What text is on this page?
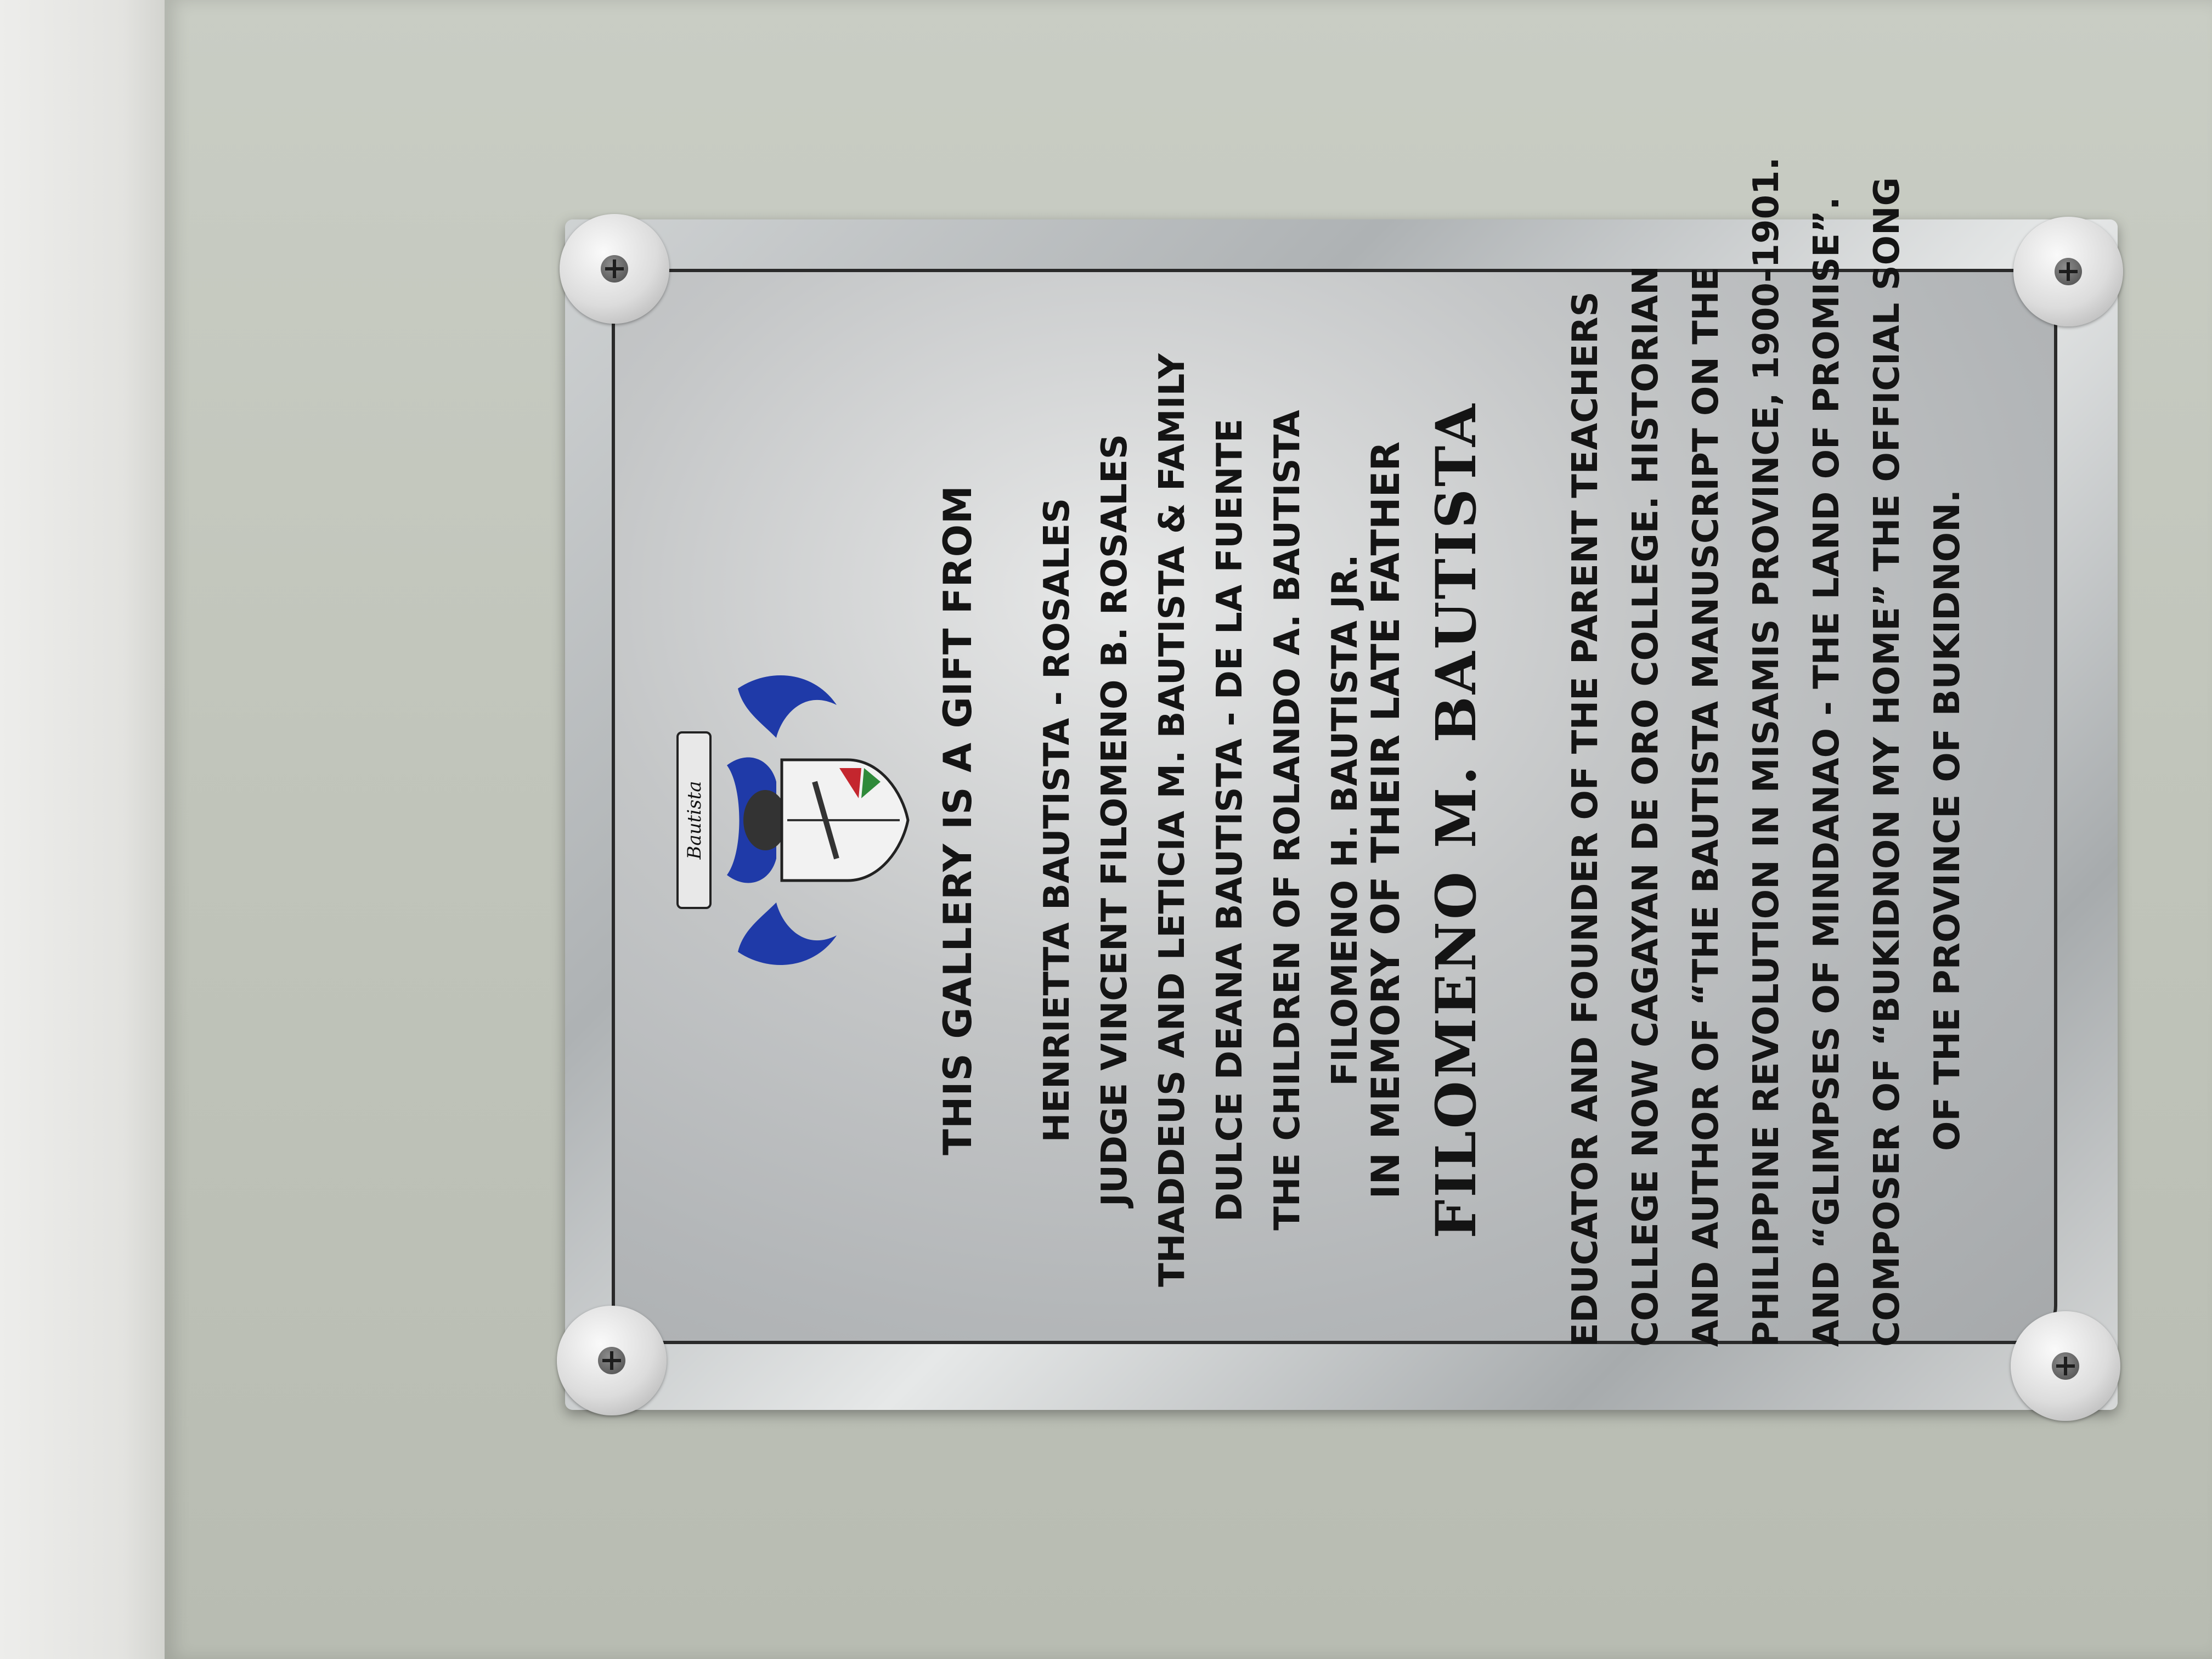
Bautista	THIS GALLERY IS A GIFT FROM HENRIETTA BAUTISTA - ROSALES JUDGE VINCENT FILOMENO B. ROSALES THADDEUS AND LETICIA M. BAUTISTA & FAMILY DULCE DEANA BAUTISTA - DE LA FUENTE THE CHILDREN OF ROLANDO A. BAUTISTA FILOMENO H. BAUTISTA JR.
IN MEMORY OF THEIR LATE FATHER FILOMENO M. BAUTISTA EDUCATOR AND FOUNDER OF THE PARENT TEACHERS COLLEGE NOW CAGAYAN DE ORO COLLEGE. HISTORIAN AND AUTHOR OF “THE BAUTISTA MANUSCRIPT ON THE PHILIPPINE REVOLUTION IN MISAMIS PROVINCE, 1900-1901. AND “GLIMPSES OF MINDANAO - THE LAND OF PROMISE”. COMPOSER OF “BUKIDNON MY HOME” THE OFFICIAL SONG OF THE PROVINCE OF BUKIDNON.
